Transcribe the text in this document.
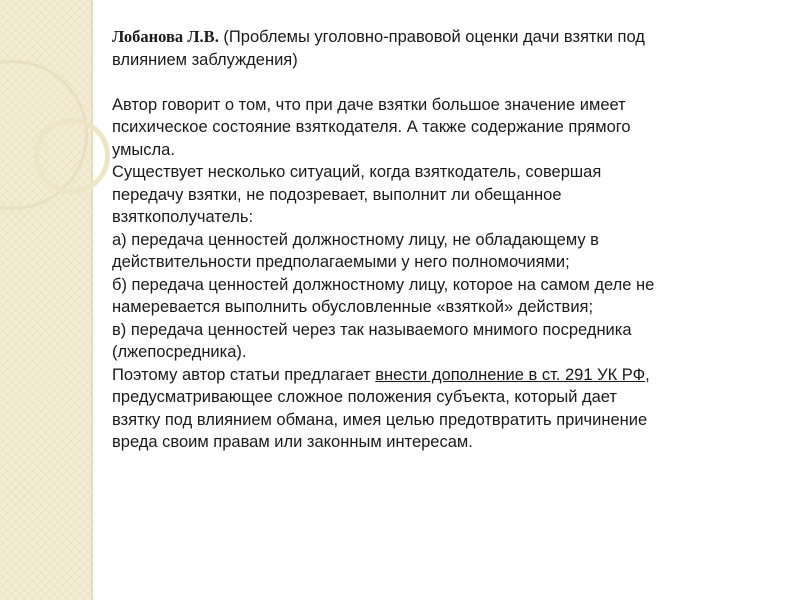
Лобанова Л.В. (Проблемы уголовно-правовой оценки дачи взятки под
влиянием заблуждения)
Автор говорит о том, что при даче взятки большое значение имеет
психическое состояние взяткодателя. А также содержание прямого
умысла.
Существует несколько ситуаций, когда взяткодатель, совершая
передачу взятки, не подозревает, выполнит ли обещанное
взяткополучатель:
а) передача ценностей должностному лицу, не обладающему в
действительности предполагаемыми у него полномочиями;
б) передача ценностей должностному лицу, которое на самом деле не
намеревается выполнить обусловленные «взяткой» действия;
в) передача ценностей через так называемого мнимого посредника
(лжепосредника).
Поэтому автор статьи предлагает внести дополнение в ст. 291 УК РФ,
предусматривающее сложное положения субъекта, который дает
взятку под влиянием обмана, имея целью предотвратить причинение
вреда своим правам или законным интересам.
